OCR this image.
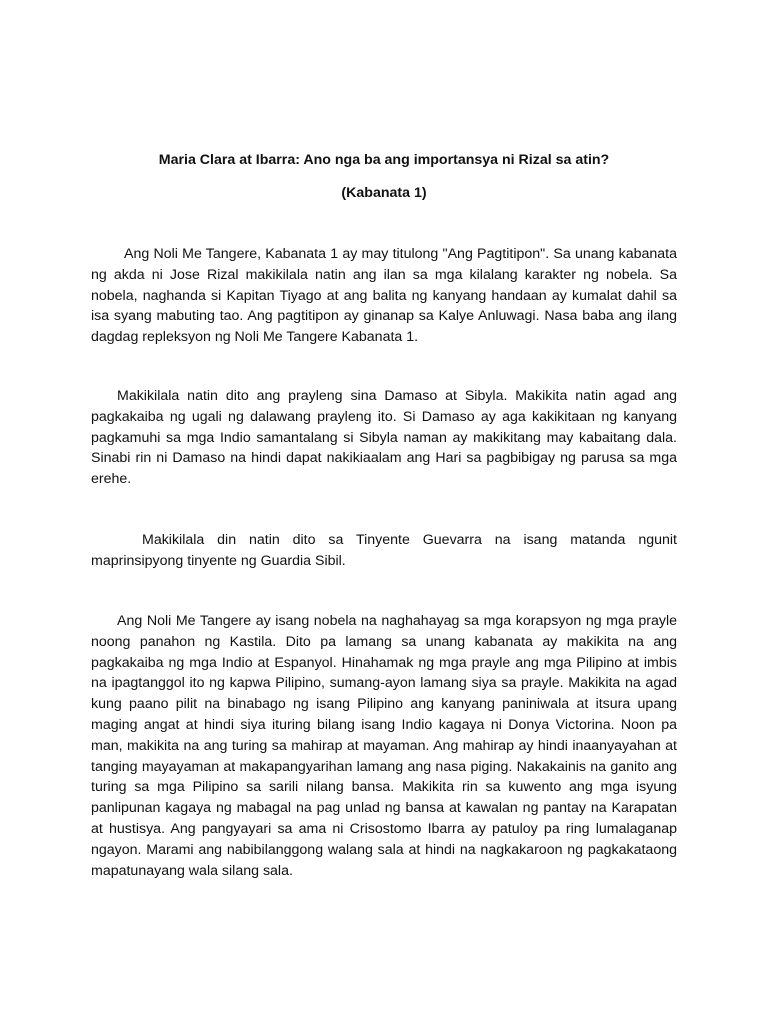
Maria Clara at Ibarra: Ano nga ba ang importansya ni Rizal sa atin?
(Kabanata 1)

Ang Noli Me Tangere, Kabanata 1 ay may titulong "Ang Pagtitipon". Sa unang kabanata ng akda ni Jose Rizal makikilala natin ang ilan sa mga kilalang karakter ng nobela. Sa nobela, naghanda si Kapitan Tiyago at ang balita ng kanyang handaan ay kumalat dahil sa isa syang mabuting tao. Ang pagtitipon ay ginanap sa Kalye Anluwagi. Nasa baba ang ilang dagdag repleksyon ng Noli Me Tangere Kabanata 1.

Makikilala natin dito ang prayleng sina Damaso at Sibyla. Makikita natin agad ang pagkakaiba ng ugali ng dalawang prayleng ito. Si Damaso ay aga kakikitaan ng kanyang pagkamuhi sa mga Indio samantalang si Sibyla naman ay makikitang may kabaitang dala. Sinabi rin ni Damaso na hindi dapat nakikiaalam ang Hari sa pagbibigay ng parusa sa mga erehe.

Makikilala din natin dito sa Tinyente Guevarra na isang matanda ngunit maprinsipyong tinyente ng Guardia Sibil.

Ang Noli Me Tangere ay isang nobela na naghahayag sa mga korapsyon ng mga prayle noong panahon ng Kastila. Dito pa lamang sa unang kabanata ay makikita na ang pagkakaiba ng mga Indio at Espanyol. Hinahamak ng mga prayle ang mga Pilipino at imbis na ipagtanggol ito ng kapwa Pilipino, sumang-ayon lamang siya sa prayle. Makikita na agad kung paano pilit na binabago ng isang Pilipino ang kanyang paniniwala at itsura upang maging angat at hindi siya ituring bilang isang Indio kagaya ni Donya Victorina. Noon pa man, makikita na ang turing sa mahirap at mayaman. Ang mahirap ay hindi inaanyayahan at tanging mayayaman at makapangyarihan lamang ang nasa piging. Nakakainis na ganito ang turing sa mga Pilipino sa sarili nilang bansa. Makikita rin sa kuwento ang mga isyung panlipunan kagaya ng mabagal na pag unlad ng bansa at kawalan ng pantay na Karapatan at hustisya. Ang pangyayari sa ama ni Crisostomo Ibarra ay patuloy pa ring lumalaganap ngayon. Marami ang nabibilanggong walang sala at hindi na nagkakaroon ng pagkakataong mapatunayang wala silang sala.
